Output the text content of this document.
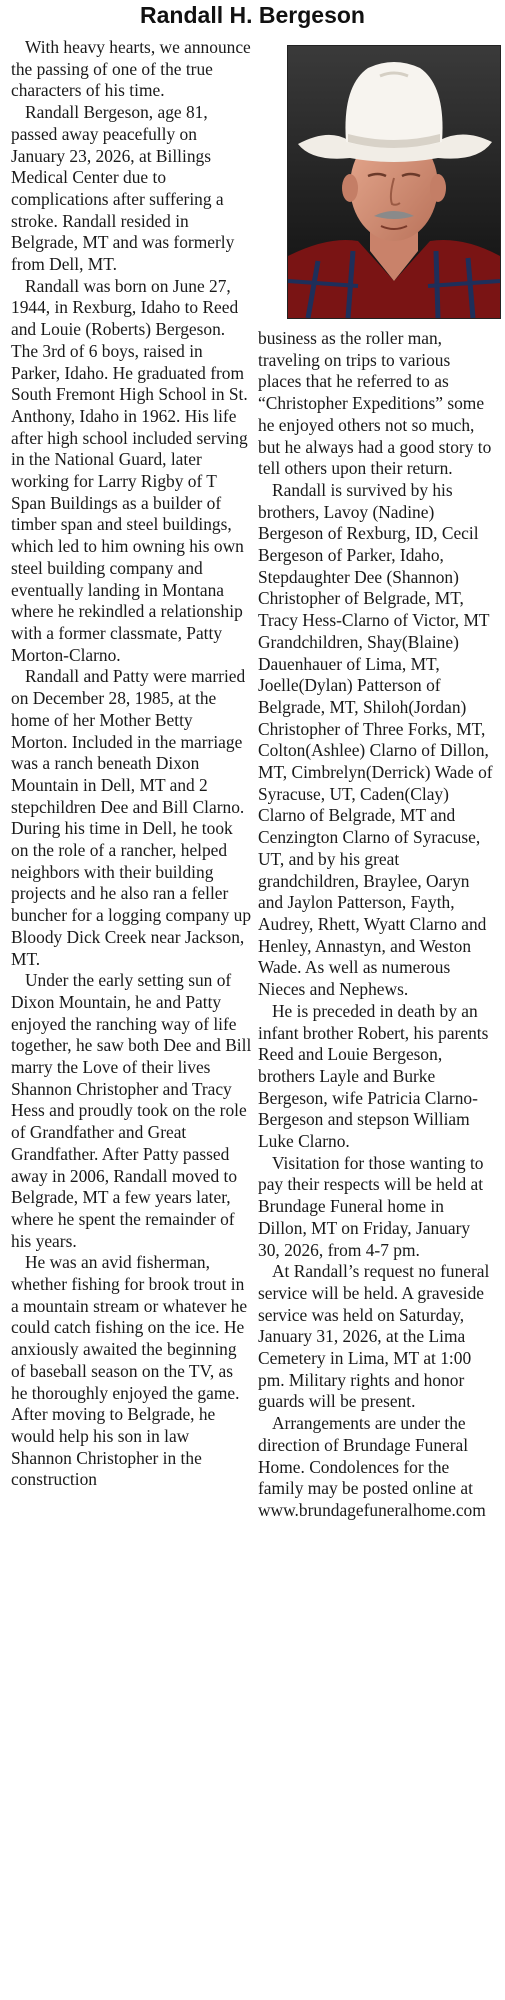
Randall H. Bergeson

With heavy hearts, we announce the passing of one of the true characters of his time.

Randall Bergeson, age 81, passed away peacefully on January 23, 2026, at Billings Medical Center due to complications after suffering a stroke. Randall resided in Belgrade, MT and was formerly from Dell, MT.

Randall was born on June 27, 1944, in Rexburg, Idaho to Reed and Louie (Roberts) Bergeson. The 3rd of 6 boys, raised in Parker, Idaho. He graduated from South Fremont High School in St. Anthony, Idaho in 1962. His life after high school included serving in the National Guard, later working for Larry Rigby of T Span Buildings as a builder of timber span and steel buildings, which led to him owning his own steel building company and eventually landing in Montana where he rekindled a relationship with a former classmate, Patty Morton-Clarno.

Randall and Patty were married on December 28, 1985, at the home of her Mother Betty Morton. Included in the marriage was a ranch beneath Dixon Mountain in Dell, MT and 2 stepchildren Dee and Bill Clarno. During his time in Dell, he took on the role of a rancher, helped neighbors with their building projects and he also ran a feller buncher for a logging company up Bloody Dick Creek near Jackson, MT.

Under the early setting sun of Dixon Mountain, he and Patty enjoyed the ranching way of life together, he saw both Dee and Bill marry the Love of their lives Shannon Christopher and Tracy Hess and proudly took on the role of Grandfather and Great Grandfather. After Patty passed away in 2006, Randall moved to Belgrade, MT a few years later, where he spent the remainder of his years.

He was an avid fisherman, whether fishing for brook trout in a mountain stream or whatever he could catch fishing on the ice. He anxiously awaited the beginning of baseball season on the TV, as he thoroughly enjoyed the game. After moving to Belgrade, he would help his son in law Shannon Christopher in the construction

business as the roller man, traveling on trips to various places that he referred to as “Christopher Expeditions” some he enjoyed others not so much, but he always had a good story to tell others upon their return.

Randall is survived by his brothers, Lavoy (Nadine) Bergeson of Rexburg, ID, Cecil Bergeson of Parker, Idaho, Stepdaughter Dee (Shannon) Christopher of Belgrade, MT, Tracy Hess-Clarno of Victor, MT Grandchildren, Shay(Blaine) Dauenhauer of Lima, MT, Joelle(Dylan) Patterson of Belgrade, MT, Shiloh(Jordan) Christopher of Three Forks, MT, Colton(Ashlee) Clarno of Dillon, MT, Cimbrelyn(Derrick) Wade of Syracuse, UT, Caden(Clay) Clarno of Belgrade, MT and Cenzington Clarno of Syracuse, UT, and by his great grandchildren, Braylee, Oaryn and Jaylon Patterson, Fayth, Audrey, Rhett, Wyatt Clarno and Henley, Annastyn, and Weston Wade. As well as numerous Nieces and Nephews.

He is preceded in death by an infant brother Robert, his parents Reed and Louie Bergeson, brothers Layle and Burke Bergeson, wife Patricia Clarno-Bergeson and stepson William Luke Clarno.

Visitation for those wanting to pay their respects will be held at Brundage Funeral home in Dillon, MT on Friday, January 30, 2026, from 4-7 pm.

At Randall’s request no funeral service will be held. A graveside service was held on Saturday, January 31, 2026, at the Lima Cemetery in Lima, MT at 1:00 pm. Military rights and honor guards will be present.

Arrangements are under the direction of Brundage Funeral Home. Condolences for the family may be posted online at www.brundagefuneralhome.com
